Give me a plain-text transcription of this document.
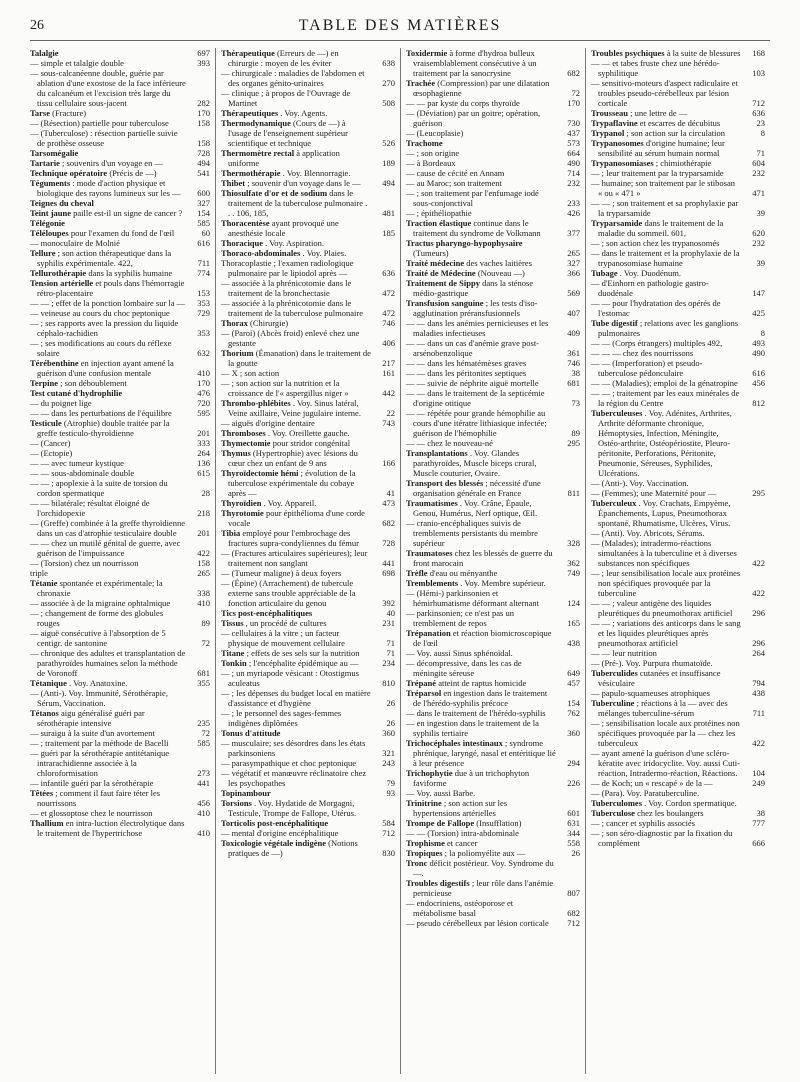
26	TABLE DES MATIÈRES

Talalgie	697

— simple et talalgie double	393

— sous-calcanéenne double, guérie par ablation d'une exostose de la face inférieure du calcanéum et l'excision très large du tissu cellulaire sous-jacent	282

Tarse (Fracture)	170

— (Résection) partielle pour tuberculose	158

— (Tuberculose) : résection partielle suivie de prothèse osseuse	158

Tarsomégalie	728

Tartarie ; souvenirs d'un voyage en —	494

Technique opératoire (Précis de —)	541

Téguments : mode d'action physique et biologique des rayons lumineux sur les — 600

Teignes du cheval	327

Teint jaune paille est-il un signe de cancer ? 154

Télégonie	585

Téléloupes pour l'examen du fond de l'œil	60

— monoculaire de Molnié	616

Tellure ; son action thérapeutique dans la syphilis expérimentale. 422,	711

Tellurothérapie dans la syphilis humaine	774

Tension artérielle et pouls dans l'hémorragie rétro-placentaire	153

— — ; effet de la ponction lombaire sur la — 353

— veineuse au cours du choc peptonique	729

— ; ses rapports avec la pression du liquide céphalo-rachidien	353

— ; ses modifications au cours du réflexe solaire	632

Térébenthine en injection ayant amené la guérison d'une confusion mentale	410

Terpine ; son déboublement	170

Test cutané d'hydrophilie	476

— du poignet lige	720

— — dans les perturbations de l'équilibre	595

Testicule (Atrophie) double traitée par la greffe testiculo-thyroïdienne	201

— (Cancer)	333

— (Ectopie)	264

— — avec tumeur kystique	136

— — sous-abdominale double	615

— — ; apoplexie à la suite de torsion du cordon spermatique	28

— — bilatérale; résultat éloigné de l'orchidopexie	218

— (Greffe) combinée à la greffe thyroïdienne dans un cas d'atrophie testiculaire double 201

— — chez un mutilé génital de guerre, avec guérison de l'impuissance	422

— (Torsion) chez un nourrisson	158

triple	265

Tétanie spontanée et expérimentale; la chronaxie	338

— associée à de la migraine ophtalmique	410

— ; changement de forme des globules rouges	89

— aiguë consécutive à l'absorption de 5 centigr. de santonine	72

— chronique des adultes et transplantation de parathyroïdes humaines selon la méthode de Voronoff	681

Tétanique . Voy. Anatoxine.	355

— (Anti-). Voy. Immunité, Sérothérapie, Sérum, Vaccination.

Tétanos aigu généralisé guéri par sérothérapie intensive	235

— suraigu à la suite d'un avortement	72

— ; traitement par la méthode de Bacelli	585

— guéri par la sérothérapie antitétanique intrarachidienne associée à la chloroformisation	273

— infantile guéri par la sérothérapie	441

Têtées ; comment il faut faire téter les nourrissons	456

— et glossoptose chez le nourrisson	410

Thallium en intra-luction électrolytique dans le traitement de l'hypertrichose	410

Thérapeutique (Erreurs de —) en chirurgie : moyen de les éviter	638

— chirurgicale : maladies de l'abdomen et des organes génito-urinaires	270

— clinique ; à propos de l'Ouvrage de Martinet	508

Thérapeutiques . Voy. Agents.

Thermodynamique (Cours de —) à l'usage de l'enseignement supérieur scientifique et technique	526

Thermomètre rectal à application uniforme	189

Thermothérapie . Voy. Blennorragie.

Thibet ; souvenir d'un voyage dans le —	494

Thiosulfate d'or et de sodium dans le traitement de la tuberculose pulmonaire . . . 106, 185,	481

Thoracentèse ayant provoqué une anesthésie locale	185

Thoracique . Voy. Aspiration.

Thoraco-abdominales . Voy. Plaies.

Thoracoplastie ; l'examen radiologique pulmonaire par le lipiodol après —	636

— associée à la phrénicotomie dans le traitement de la bronchectasie	472

— associée à la phrénicotomie dans le traitement de la tuberculose pulmonaire 472

Thorax (Chirurgie)	746

— (Paroi) (Abcès froid) enlevé chez une gestante	406

Thorium (Émanation) dans le traitement de la goutte	217

— X ; son action	161

— ; son action sur la nutrition et la croissance de l'« aspergillus niger »	442

Thrombo-phlébites . Voy. Sinus latéral, Veine axillaire, Veine jugulaire interne.	22

— aiguës d'origine dentaire	743

Thromboses . Voy. Oreillette gauche.

Thymectomie pour stridor congénital

Thymus (Hypertrophie) avec lésions du cœur chez un enfant de 9 ans	166

Thyroïdectomie hémi ; évolution de la tuberculose expérimentale du cobaye après —	41

Thyroïdien . Voy. Appareil.	473

Thyrotomie pour épithélioma d'une corde vocale	682

Tibia employé pour l'embrochage des fractures supra-condyliennes du fémur	728

— (Fractures articulaires supérieures); leur traitement non sanglant	441

— (Tumeur maligne) à deux foyers	698

— (Épine) (Arrachement) de tubercule externe sans trouble appréciable de la fonction articulaire du genou	392

Tics post-encéphalitiques	40

Tissus , un procédé de cultures	231

— cellulaires à la vitre ; un facteur physique de mouvement cellulaire	71

Titane ; effets de ses sels sur la nutrition	71

Tonkin ; l'encéphalite épidémique au —	234

— ; un myriapode vésicant : Otostigmus aculeatus	810

— ; les dépenses du budget local en matière d'assistance et d'hygiène	26

— ; le personnel des sages-femmes indigènes diplômées	26

Tonus d'attitude	360

— musculaire; ses désordres dans les états parkinsoniens	321

— parasympathique et choc peptonique	243

— végétatif et manœuvre réclinatoire chez les psychopathes	79

Topinambour	93

Torsions . Voy. Hydatide de Morgagni, Testicule, Trompe de Fallope, Utérus.

Torticolis post-encéphalitique	584

— mental d'origine encéphalitique	712

Toxicologie végétale indigène (Notions pratiques de —)	830

Toxidermie à forme d'hydroa bulleux vraisemblablement consécutive à un traitement par la sanocrysine	682

Trachée (Compression) par une dilatation œsophagienne	72

— — par kyste du corps thyroïde	170

— (Déviation) par un goitre; opération, guérison	730

— (Leucoplasie)	437

Trachome	573

— ; son origine	664

— à Bordeaux	490

— cause de cécité en Annam	714

— au Maroc; son traitement	232

— ; son traitement par l'enfumage iodé sous-conjonctival	233

— ; épithéliopathie	426

Traction élastique continue dans le traitement du syndrome de Volkmann	377

Tractus pharyngo-hypophysaire (Tumeurs)	265

Traité médecine des vaches laitières	327

Traité de Médecine (Nouveau —)	366

Traitement de Sippy dans la sténose médio-gastrique	569

Transfusion sanguine ; les tests d'iso-agglutination préransfusionnels	407

— — dans les anémies pernicieuses et les maladies infectieuses	409

— — dans un cas d'anémie grave post-arsénobenzolique	361

— — dans les hématémèses graves	746

— — dans les péritonites septiques	38

— — suivie de néphrite aiguë mortelle	681

— — dans le traitement de la septicémie d'origine otitique	73

— — répétée pour grande hémophilie au cours d'une itératre lithiasique infectée; guérison de l'hémophilie	89

— — chez le nouveau-né	295

Transplantations . Voy. Glandes parathyroïdes, Muscle biceps crural, Muscle couturier, Ovaire.

Transport des blessés ; nécessité d'une organisation générale en France	811

Traumatismes . Voy. Crâne, Épaule, Genou, Humérus, Nerf optique, Œil.

— cranio-encéphaliques suivis de tremblements persistants du membre supérieur	328

Traumatoses chez les blessés de guerre du front marocain	362

Trèfle d'eau ou ményanthe	749

Tremblements . Voy. Membre supérieur.

— (Hémi-) parkinsonien et hémirhumatisme déformant alternant	124

— parkinsonien; ce n'est pas un tremblement de repos	165

Trépanation et réaction biomicroscopique de l'œil	438

— Voy. aussi Sinus sphénoïdal.

— décompressive, dans les cas de méningite séreuse	649

Trépané atteint de raptus homicide	457

Tréparsol en ingestion dans le traitement de l'hérédo-syphilis précoce	154

— dans le traitement de l'hérédo-syphilis	762

— en ingestion dans le traitement de la syphilis tertiaire	360

Trichocéphales intestinaux ; syndrome phrénique, laryngé, nasal et entéritique lié à leur présence	294

Trichophytie due à un trichophyton faviforme	226

— Voy. aussi Barbe.

Trinitrine ; son action sur les hypertensions artérielles	601

Trompe de Fallope (Insufflation)	631

— — (Torsion) intra-abdominale	344

Trophisme et cancer	558

Tropiques ; la poliomyélite aux —	26

Tronc déficit postérieur. Voy. Syndrome du —.

Troubles digestifs ; leur rôle dans l'anémie pernicieuse	807

— endocriniens, ostéoporose et métabolisme basal	682

— pseudo cérébelleux par lésion corticale 712

Troubles psychiques à la suite de blessures 168

— — et tabes fruste chez une hérédo-syphilitique	103

— sensitivo-moteurs d'aspect radiculaire et troubles pseudo-cérébelleux par lésion corticale	712

Trousseau ; une lettre de —	636

Trypaflavine et escarres de décubitus	23

Trypanol ; son action sur la circulation	8

Trypanosomes d'origine humaine; leur sensibilité au sérum humain normal	71

Trypanosomiases ; chimiothérapie	604

— ; leur traitement par la tryparsamide	232

— humaine; son traitement par le stibosan « ou « 471 »	471

— — ; son traitement et sa prophylaxie par la tryparsamide	39

Tryparsamide dans le traitement de la maladie du sommeil. 601,	620

— ; son action chez les trypanosomés	232

— dans le traitement et la prophylaxie de la trypanosomiase humaine	39

Tubage . Voy. Duodénum.

— d'Einhorn en pathologie gastro-duodénale	147

— — pour l'hydratation des opérés de l'estomac	425

Tube digestif ; relations avec les ganglions pulmonaires	8

— — (Corps étrangers) multiples 492,	493

— — — chez des nourrissons	490

— — (Imperforation) et pseudo-tuberculose pédonculaire	616

— — (Maladies); emploi de la génatropine 456

— — ; traitement par les eaux minérales de la région du Centre	812

Tuberculeuses . Voy. Adénites, Arthrites, Arthrite déformante chronique, Hémoptysies, Infection, Méningite, Ostéo-arthrite, Ostéopériostite, Pleuro-péritonite, Perforations, Péritonite, Pneumonie, Séreuses, Syphilides, Ulcérations.

— (Anti-). Voy. Vaccination.

— (Femmes); une Maternité pour —	295

Tuberculeux . Voy. Crachats, Empyème, Épanchements, Lupus, Pneumothorax spontané, Rhumatisme, Ulcères, Virus.

— (Anti). Voy. Abricots, Sérums.

— (Malades); intradermo-réactions simultanées à la tuberculine et à diverses substances non spécifiques	422

— ; leur sensibilisation locale aux protéines non spécifiques provoquée par la tuberculine	422

— — ; valeur antigène des liquides pleurétiques du pneumothorax artificiel 296

— — ; variations des anticorps dans le sang et les liquides pleurétiques après pneumothorax artificiel	296

— — leur nutrition	264

— (Pré-). Voy. Purpura rhumatoïde.

Tuberculides cutanées et insuffisance vésiculaire	794

— papulo-squameuses atrophiques	438

Tuberculine ; réactions à la — avec des mélanges tuberculine-sérum	711

— ; sensibilisation locale aux protéines non spécifiques provoquée par la — chez les tuberculeux	422

— ayant amené la guérison d'une scléro-kératite avec iridocyclite. Voy. aussi Cuti-réaction, Intradermo-réaction, Réactions. 104

— de Koch; un « rescapé » de la —	249

— (Para). Voy. Paratuberculine.

Tuberculomes . Voy. Cordon spermatique.

Tuberculose chez les boulangers	38

— ; cancer et syphilis associés	777

— ; son séro-diagnostic par la fixation du complément	666
